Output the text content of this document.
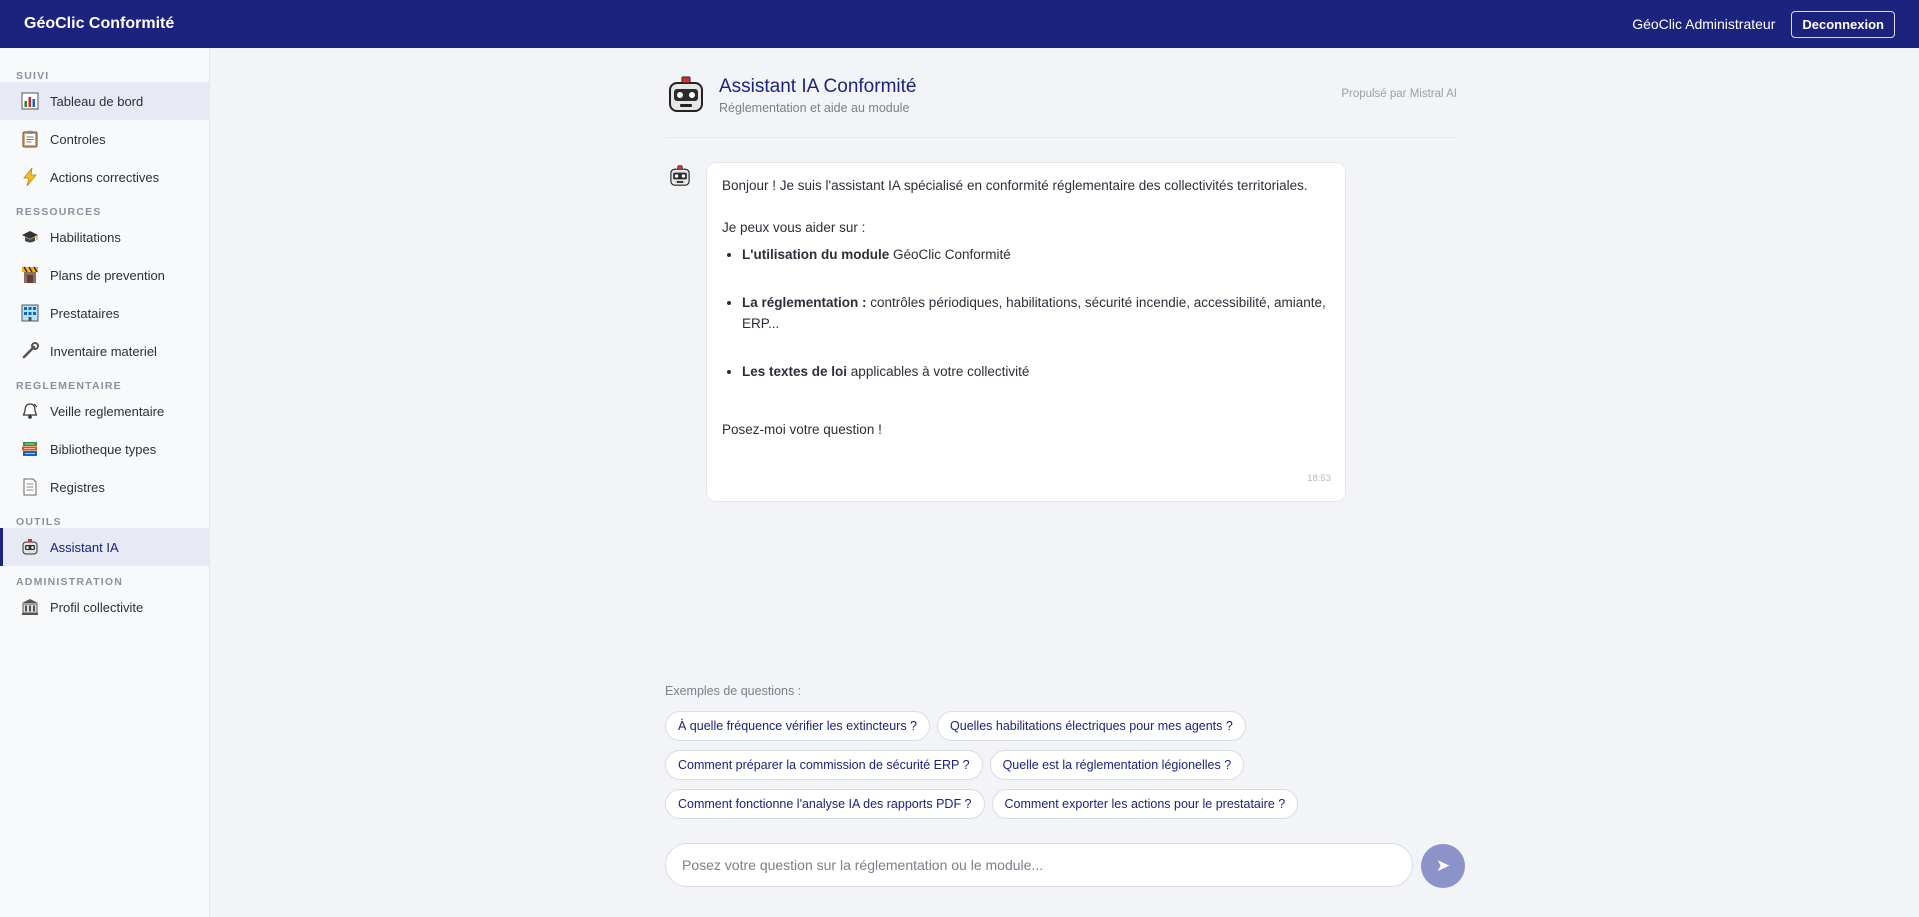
GéoClic Conformité	GéoClic Administrateur	Deconnexion
SUIVI
Tableau de bord
Controles
Actions correctives
RESSOURCES
Habilitations
Plans de prevention
Prestataires
Inventaire materiel
REGLEMENTAIRE
Veille reglementaire
Bibliotheque types
Registres
OUTILS
Assistant IA
ADMINISTRATION
Profil collectivite
Assistant IA Conformité
Réglementation et aide au module
Propulsé par Mistral AI

Bonjour ! Je suis l'assistant IA spécialisé en conformité réglementaire des collectivités territoriales.

Je peux vous aider sur :

• L'utilisation du module GéoClic Conformité
• La réglementation : contrôles périodiques, habilitations, sécurité incendie, accessibilité, amiante, ERP...
• Les textes de loi applicables à votre collectivité

Posez-moi votre question !

18:53
Exemples de questions :
À quelle fréquence vérifier les extincteurs ?	Quelles habilitations électriques pour mes agents ?
Comment préparer la commission de sécurité ERP ?	Quelle est la réglementation légionelles ?
Comment fonctionne l'analyse IA des rapports PDF ?	Comment exporter les actions pour le prestataire ?
Posez votre question sur la réglementation ou le module...
➤
